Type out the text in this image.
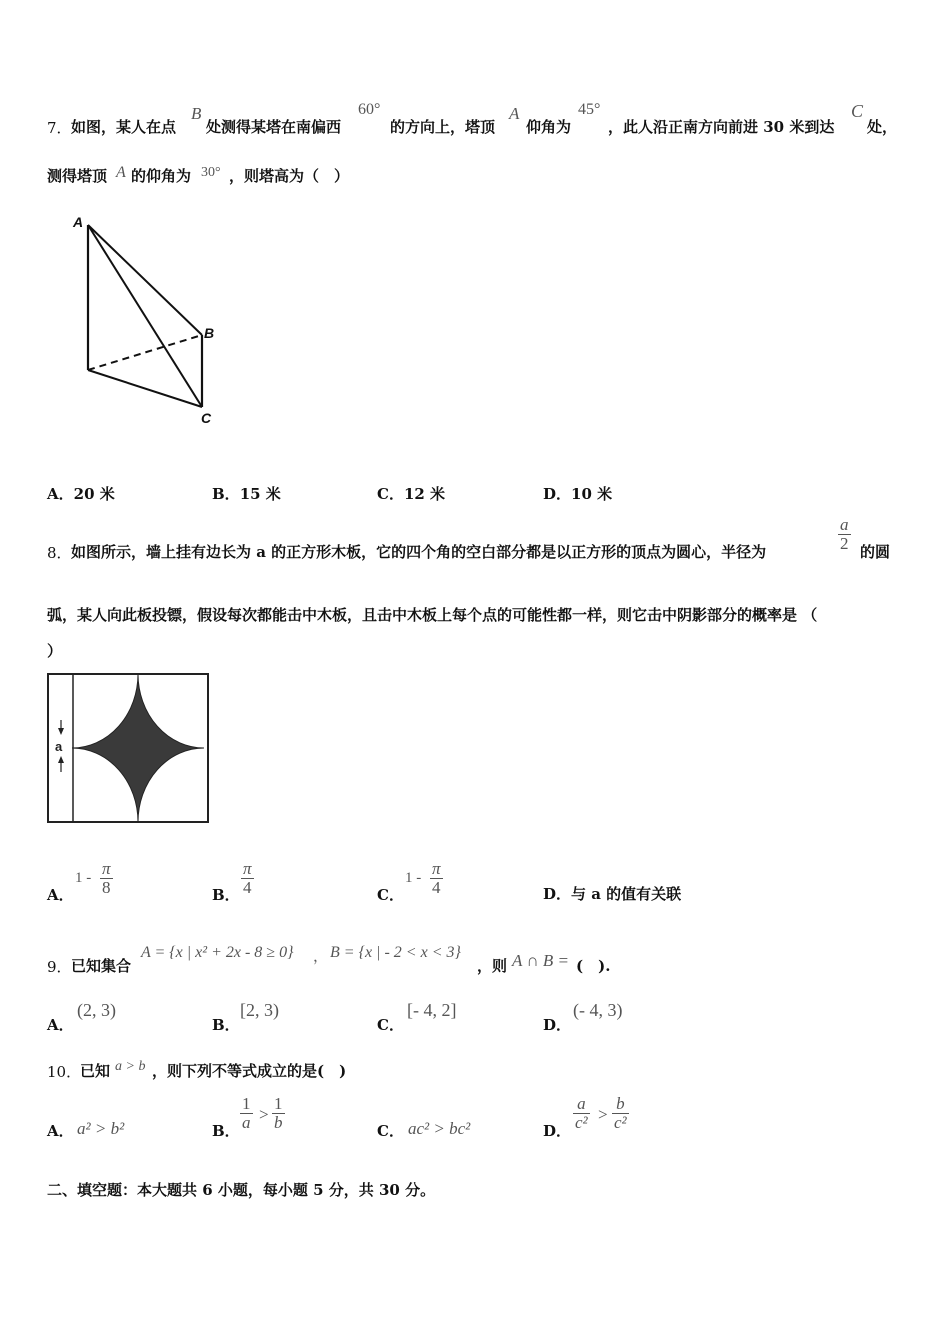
7． 如图，某人在点
B
处测得某塔在南偏西
60°
的方向上，塔顶
A
仰角为
45°
，此人沿正南方向前进 30 米到达
C
处，
测得塔顶 A 的仰角为 30° ，则塔高为（　）
A
B
C
A．20 米	B．15 米	C．12 米	D．10 米
8． 如图所示，墙上挂有边长为 a 的正方形木板，它的四个角的空白部分都是以正方形的顶点为圆心，半径为
a
2 的圆
弧，某人向此板投镖，假设每次都能击中木板，且击中木板上每个点的可能性都一样，则它击中阴影部分的概率是 （
）
a
A．
1 - π
8	B．
π
4	C．
1 - π
4	D．与 a 的值有关联
9． 已知集合
A = {x | x² + 2x - 8 ≥ 0} ， B = {x | - 2 < x < 3}
，则 A ∩ B = (　).
A．
(2, 3)
B．
[2, 3)
C．
[- 4, 2]
D．
(- 4, 3)
10．
已知 a > b ，则下列不等式成立的是(　)
A． a² > b²	B．
1
a >
1
b	C． ac² > bc²	D．
a
c² >
b
c²
二、填空题：本大题共 6 小题，每小题 5 分，共 30 分。
